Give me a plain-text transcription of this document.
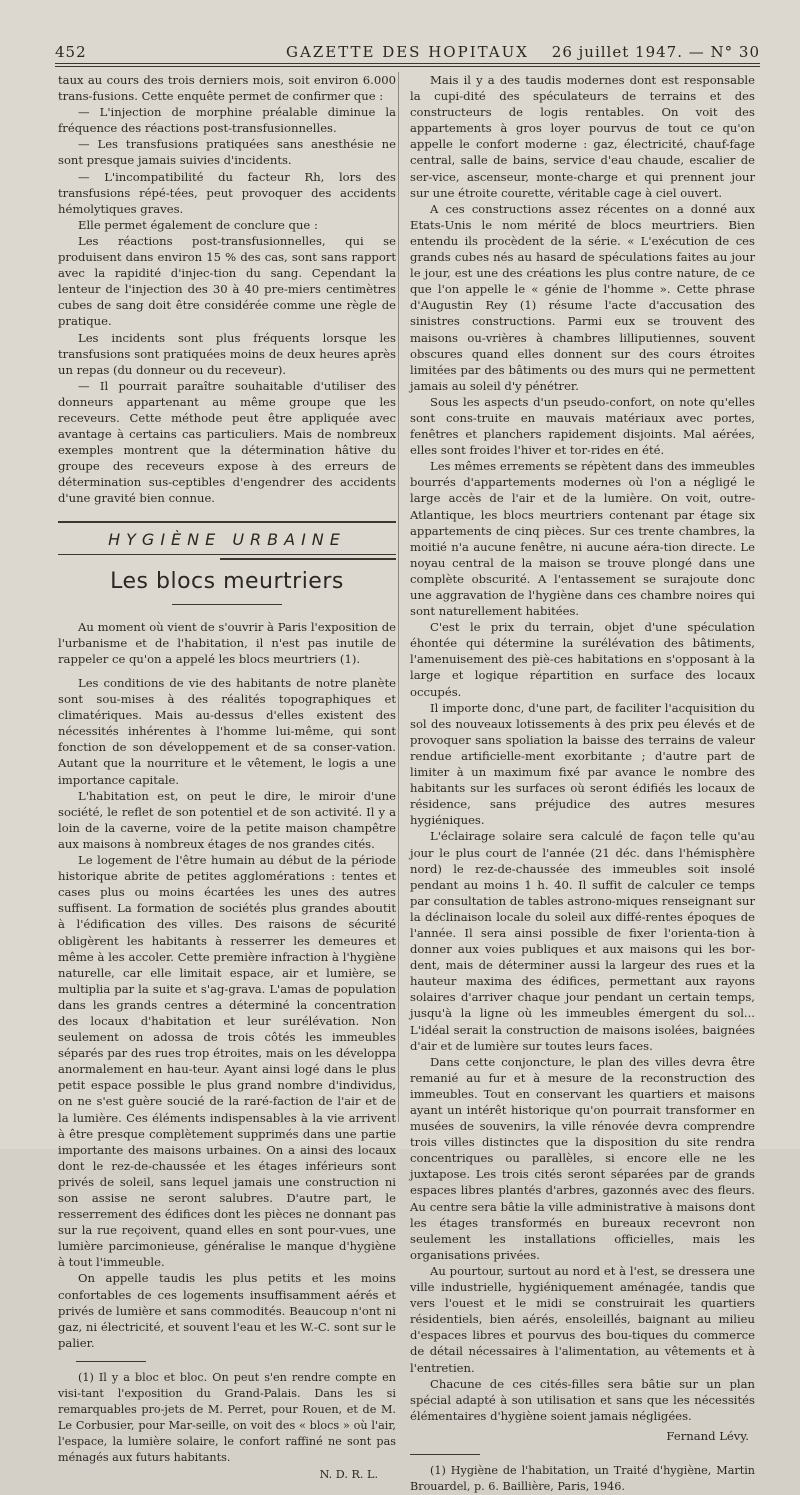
452	GAZETTE DES HOPITAUX	26 juillet 1947. — N° 30

taux au cours des trois derniers mois, soit environ 6.000 trans-fusions. Cette enquête permet de confirmer que :

— L'injection de morphine préalable diminue la fréquence des réactions post-transfusionnelles.

— Les transfusions pratiquées sans anesthésie ne sont presque jamais suivies d'incidents.

— L'incompatibilité du facteur Rh, lors des transfusions répé-tées, peut provoquer des accidents hémolytiques graves.

Elle permet également de conclure que :

Les réactions post-transfusionnelles, qui se produisent dans environ 15 % des cas, sont sans rapport avec la rapidité d'injec-tion du sang. Cependant la lenteur de l'injection des 30 à 40 pre-miers centimètres cubes de sang doit être considérée comme une règle de pratique.

Les incidents sont plus fréquents lorsque les transfusions sont pratiquées moins de deux heures après un repas (du donneur ou du receveur).

— Il pourrait paraître souhaitable d'utiliser des donneurs appartenant au même groupe que les receveurs. Cette méthode peut être appliquée avec avantage à certains cas particuliers. Mais de nombreux exemples montrent que la détermination hâtive du groupe des receveurs expose à des erreurs de détermination sus-ceptibles d'engendrer des accidents d'une gravité bien connue.

HYGIÈNE URBAINE
Les blocs meurtriers

Au moment où vient de s'ouvrir à Paris l'exposition de l'urbanisme et de l'habitation, il n'est pas inutile de rappeler ce qu'on a appelé les blocs meurtriers (1).

Les conditions de vie des habitants de notre planète sont sou-mises à des réalités topographiques et climatériques. Mais au-dessus d'elles existent des nécessités inhérentes à l'homme lui-même, qui sont fonction de son développement et de sa conser-vation. Autant que la nourriture et le vêtement, le logis a une importance capitale.

L'habitation est, on peut le dire, le miroir d'une société, le reflet de son potentiel et de son activité. Il y a loin de la caverne, voire de la petite maison champêtre aux maisons à nombreux étages de nos grandes cités.

Le logement de l'être humain au début de la période historique abrite de petites agglomérations : tentes et cases plus ou moins écartées les unes des autres suffisent. La formation de sociétés plus grandes aboutit à l'édification des villes. Des raisons de sécurité obligèrent les habitants à resserrer les demeures et même à les accoler. Cette première infraction à l'hygiène naturelle, car elle limitait espace, air et lumière, se multiplia par la suite et s'ag-grava. L'amas de population dans les grands centres a déterminé la concentration des locaux d'habitation et leur surélévation. Non seulement on adossa de trois côtés les immeubles séparés par des rues trop étroites, mais on les développa anormalement en hau-teur. Ayant ainsi logé dans le plus petit espace possible le plus grand nombre d'individus, on ne s'est guère soucié de la raré-faction de l'air et de la lumière. Ces éléments indispensables à la vie arrivent à être presque complètement supprimés dans une partie importante des maisons urbaines. On a ainsi des locaux dont le rez-de-chaussée et les étages inférieurs sont privés de soleil, sans lequel jamais une construction ni son assise ne seront salubres. D'autre part, le resserrement des édifices dont les pièces ne donnant pas sur la rue reçoivent, quand elles en sont pour-vues, une lumière parcimonieuse, généralise le manque d'hygiène à tout l'immeuble.

On appelle taudis les plus petits et les moins confortables de ces logements insuffisamment aérés et privés de lumière et sans commodités. Beaucoup n'ont ni gaz, ni électricité, et souvent l'eau et les W.-C. sont sur le palier.

(1) Il y a bloc et bloc. On peut s'en rendre compte en visi-tant l'exposition du Grand-Palais. Dans les si remarquables pro-jets de M. Perret, pour Rouen, et de M. Le Corbusier, pour Mar-seille, on voit des « blocs » où l'air, l'espace, la lumière solaire, le confort raffiné ne sont pas ménagés aux futurs habitants.

N. D. R. L.

Mais il y a des taudis modernes dont est responsable la cupi-dité des spéculateurs de terrains et des constructeurs de logis rentables. On voit des appartements à gros loyer pourvus de tout ce qu'on appelle le confort moderne : gaz, électricité, chauf-fage central, salle de bains, service d'eau chaude, escalier de ser-vice, ascenseur, monte-charge et qui prennent jour sur une étroite courette, véritable cage à ciel ouvert.

A ces constructions assez récentes on a donné aux Etats-Unis le nom mérité de blocs meurtriers. Bien entendu ils procèdent de la série. « L'exécution de ces grands cubes nés au hasard de spéculations faites au jour le jour, est une des créations les plus contre nature, de ce que l'on appelle le « génie de l'homme ». Cette phrase d'Augustin Rey (1) résume l'acte d'accusation des sinistres constructions. Parmi eux se trouvent des maisons ou-vrières à chambres lilliputiennes, souvent obscures quand elles donnent sur des cours étroites limitées par des bâtiments ou des murs qui ne permettent jamais au soleil d'y pénétrer.

Sous les aspects d'un pseudo-confort, on note qu'elles sont cons-truite en mauvais matériaux avec portes, fenêtres et planchers rapidement disjoints. Mal aérées, elles sont froides l'hiver et tor-rides en été.

Les mêmes errements se répètent dans des immeubles bourrés d'appartements modernes où l'on a négligé le large accès de l'air et de la lumière. On voit, outre-Atlantique, les blocs meurtriers contenant par étage six appartements de cinq pièces. Sur ces trente chambres, la moitié n'a aucune fenêtre, ni aucune aéra-tion directe. Le noyau central de la maison se trouve plongé dans une complète obscurité. A l'entassement se surajoute donc une aggravation de l'hygiène dans ces chambre noires qui sont naturellement habitées.

C'est le prix du terrain, objet d'une spéculation éhontée qui détermine la surélévation des bâtiments, l'amenuisement des piè-ces habitations en s'opposant à la large et logique répartition en surface des locaux occupés.

Il importe donc, d'une part, de faciliter l'acquisition du sol des nouveaux lotissements à des prix peu élevés et de provoquer sans spoliation la baisse des terrains de valeur rendue artificielle-ment exorbitante ; d'autre part de limiter à un maximum fixé par avance le nombre des habitants sur les surfaces où seront édifiés les locaux de résidence, sans préjudice des autres mesures hygiéniques.

L'éclairage solaire sera calculé de façon telle qu'au jour le plus court de l'année (21 déc. dans l'hémisphère nord) le rez-de-chaussée des immeubles soit insolé pendant au moins 1 h. 40. Il suffit de calculer ce temps par consultation de tables astrono-miques renseignant sur la déclinaison locale du soleil aux diffé-rentes époques de l'année. Il sera ainsi possible de fixer l'orienta-tion à donner aux voies publiques et aux maisons qui les bor-dent, mais de déterminer aussi la largeur des rues et la hauteur maxima des édifices, permettant aux rayons solaires d'arriver chaque jour pendant un certain temps, jusqu'à la ligne où les immeubles émergent du sol... L'idéal serait la construction de maisons isolées, baignées d'air et de lumière sur toutes leurs faces.

Dans cette conjoncture, le plan des villes devra être remanié au fur et à mesure de la reconstruction des immeubles. Tout en conservant les quartiers et maisons ayant un intérêt historique qu'on pourrait transformer en musées de souvenirs, la ville rénovée devra comprendre trois villes distinctes que la disposition du site rendra concentriques ou parallèles, si encore elle ne les juxtapose. Les trois cités seront séparées par de grands espaces libres plantés d'arbres, gazonnés avec des fleurs. Au centre sera bâtie la ville administrative à maisons dont les étages transformés en bureaux recevront non seulement les installations officielles, mais les organisations privées.

Au pourtour, surtout au nord et à l'est, se dressera une ville industrielle, hygiéniquement aménagée, tandis que vers l'ouest et le midi se construirait les quartiers résidentiels, bien aérés, ensoleillés, baignant au milieu d'espaces libres et pourvus des bou-tiques du commerce de détail nécessaires à l'alimentation, au vêtements et à l'entretien.

Chacune de ces cités-filles sera bâtie sur un plan spécial adapté à son utilisation et sans que les nécessités élémentaires d'hygiène soient jamais négligées.

Fernand Lévy.

(1) Hygiène de l'habitation, un Traité d'hygiène, Martin Brouardel, p. 6. Baillière, Paris, 1946.
